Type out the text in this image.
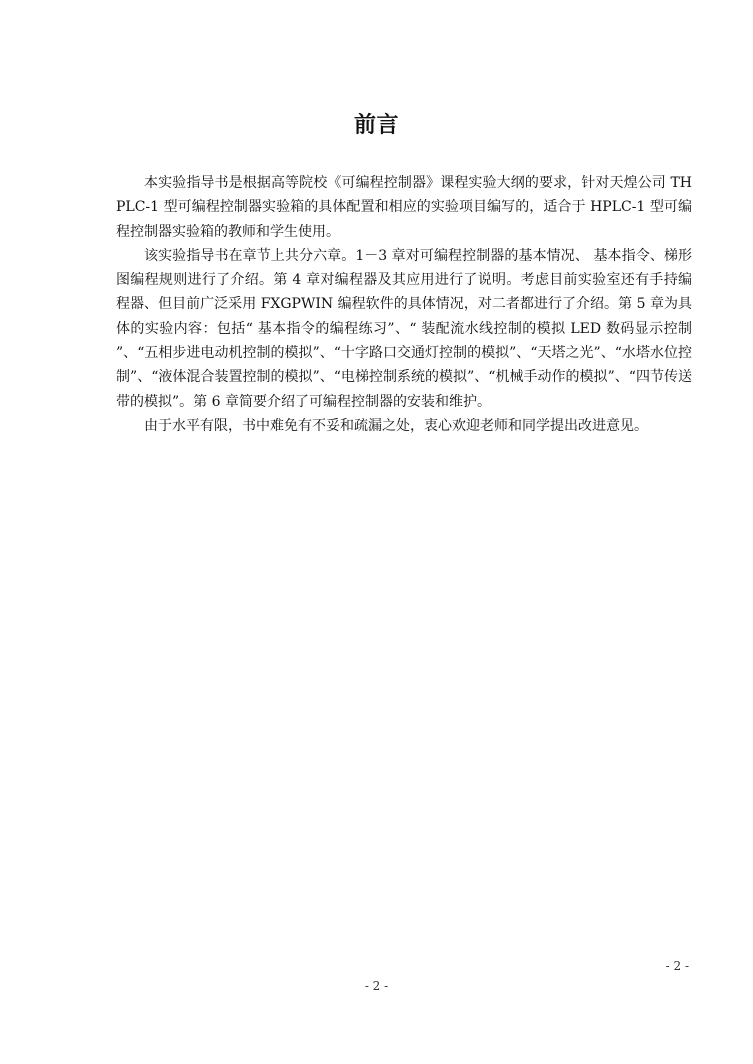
前言

本实验指导书是根据高等院校《可编程控制器》课程实验大纲的要求，针对天煌公司 THPLC-1 型可编程控制器实验箱的具体配置和相应的实验项目编写的，适合于 HPLC-1 型可编程控制器实验箱的教师和学生使用。

该实验指导书在章节上共分六章。1－3 章对可编程控制器的基本情况、 基本指令、梯形图编程规则进行了介绍。第 4 章对编程器及其应用进行了说明。考虑目前实验室还有手持编程器、但目前广泛采用 FXGPWIN 编程软件的具体情况，对二者都进行了介绍。第 5 章为具体的实验内容：包括“ 基本指令的编程练习”、“ 装配流水线控制的模拟 LED 数码显示控制 ”、“五相步进电动机控制的模拟”、“十字路口交通灯控制的模拟”、“天塔之光”、“水塔水位控制”、“液体混合装置控制的模拟”、“电梯控制系统的模拟”、“机械手动作的模拟”、“四节传送带的模拟”。第 6 章简要介绍了可编程控制器的安装和维护。

由于水平有限，书中难免有不妥和疏漏之处，衷心欢迎老师和同学提出改进意见。

- 2 -
- 2 -
